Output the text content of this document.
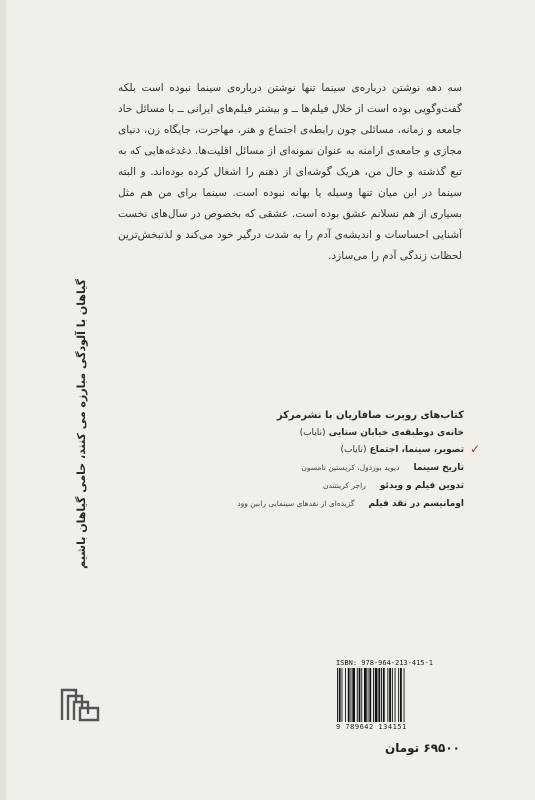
سه دهه نوشتن درباره‌ی سینما تنها نوشتن درباره‌ی سینما نبوده است بلکه گفت‌وگویی بوده است از خلال فیلم‌ها ــ و بیشتر فیلم‌های ایرانی ــ با مسائل حاد جامعه و زمانه، مسائلی چون رابطه‌ی اجتماع و هنر، مهاجرت، جایگاه زن، دنیای مجازی و جامعه‌ی ارامنه به عنوان نمونه‌ای از مسائل اقلیت‌ها. دغدغه‌هایی که به تبع گذشته و حال من، هریک گوشه‌ای از ذهنم را اشغال کرده بوده‌اند. و البته سینما در این میان تنها وسیله یا بهانه نبوده است. سینما برای من هم مثل بسیاری از هم نسلانم عشق بوده است. عشقی که بخصوص در سال‌های نخست آشنایی احساسات و اندیشه‌ی آدم را به شدت درگیر خود می‌کند و لذتبخش‌ترین لحظات زندگی آدم را می‌سازد.
گیاهان با آلودگی مبارزه می کنند، حامی گیاهان باشیم	کتاب‌های روبرت صافاریان با نشرمرکز
خانه‌ی دوطبقه‌ی خیابان سنایی (نایاب)
✓
تصویر، سینما، اجتماع (نایاب)
تاریخ سینما
دیوید بوردول، کریستین تامسون
تدوین فیلم و ویدئو
راجر کرینتندن
اومانیسم در نقد فیلم
گزیده‌ای از نقدهای سینمایی راببن وود
ISBN: 978-964-213-415-1
9 789642 134151
۶۹۵۰۰ تومان
